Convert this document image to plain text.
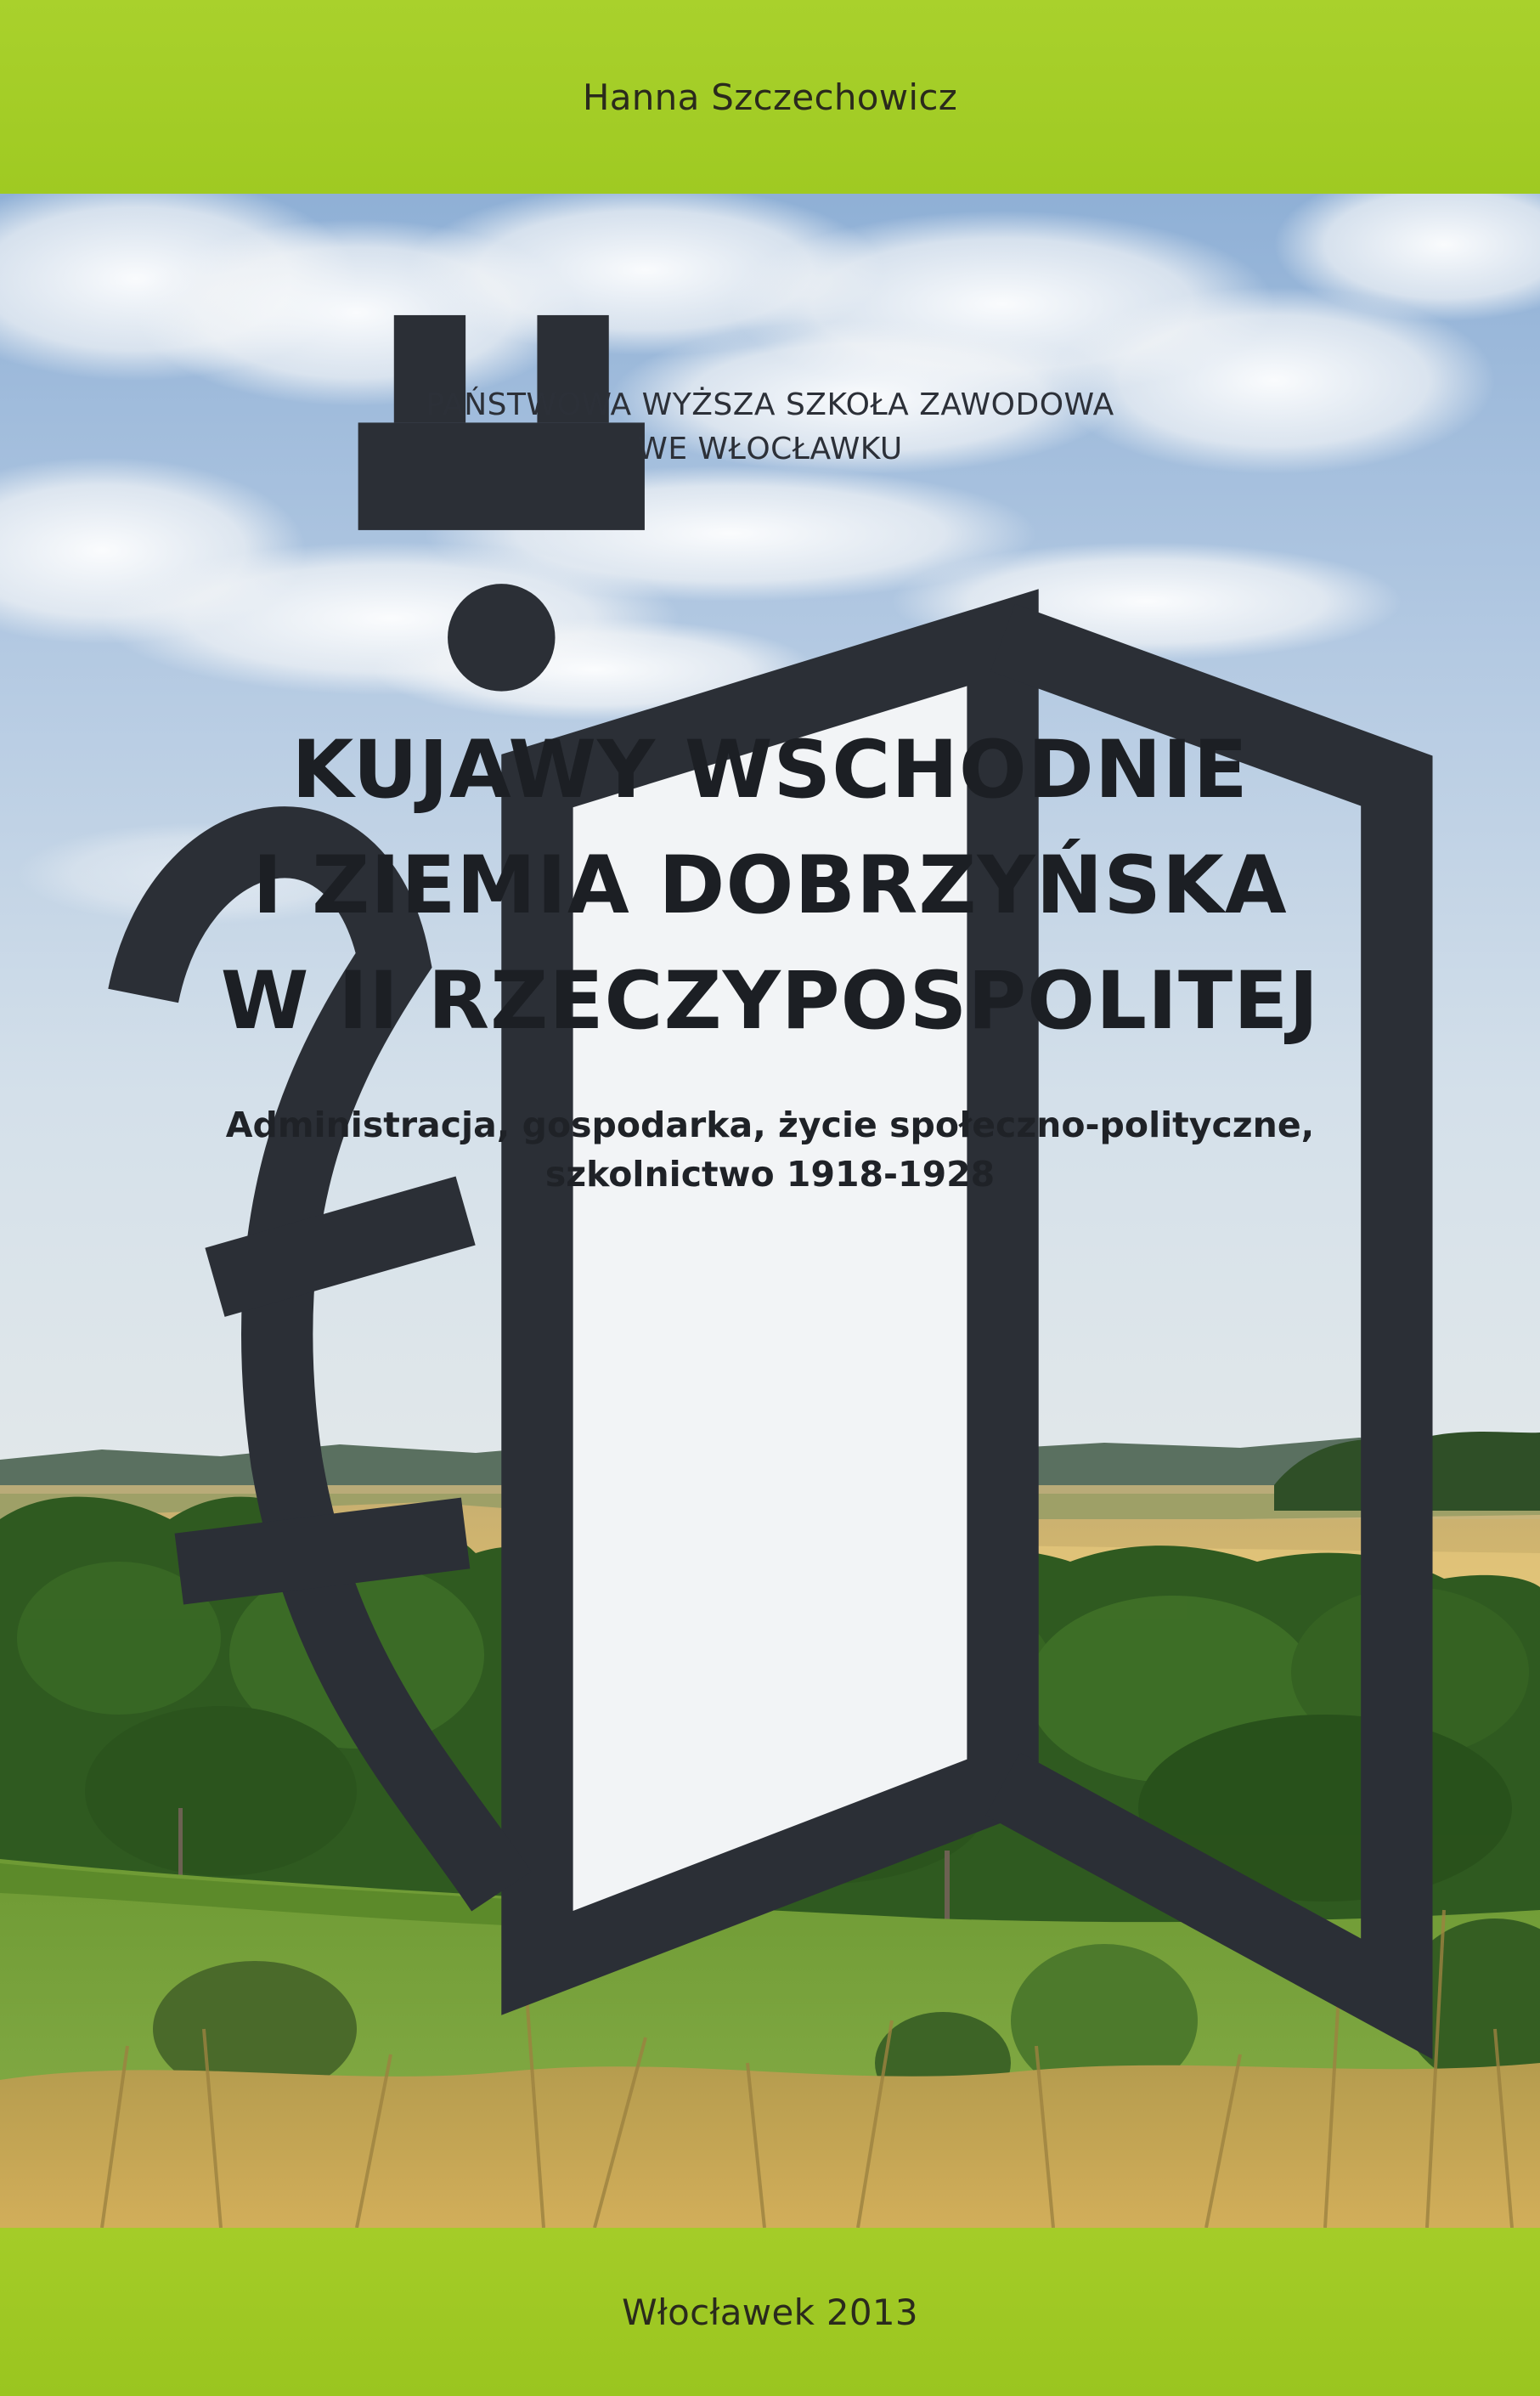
Hanna Szczechowicz
PAŃSTWOWA WYŻSZA SZKOŁA ZAWODOWA
WE WŁOCŁAWKU
KUJAWY WSCHODNIE
I ZIEMIA DOBRZYŃSKA
W II RZECZYPOSPOLITEJ
Administracja, gospodarka, życie społeczno-polityczne,
szkolnictwo 1918-1928
Włocławek 2013
